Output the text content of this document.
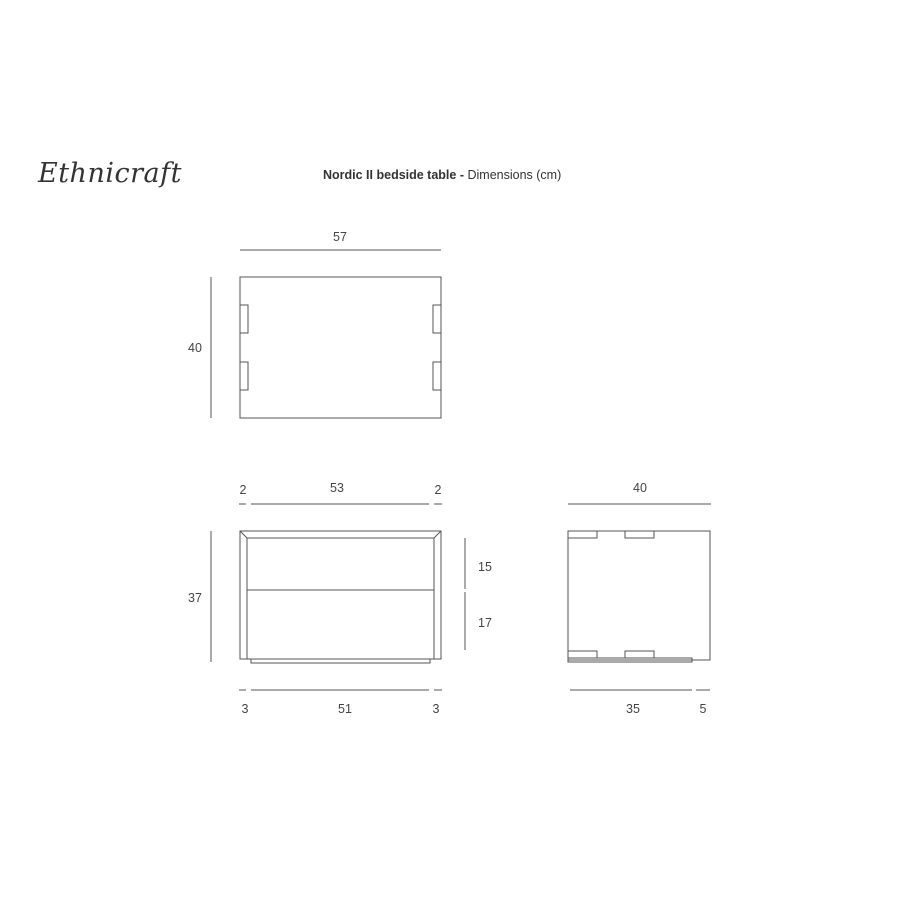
Ethnicraft	Nordic II bedside table - Dimensions (cm)
57
40
2	53	2
37
15
17
3	51	3
40
35	5
